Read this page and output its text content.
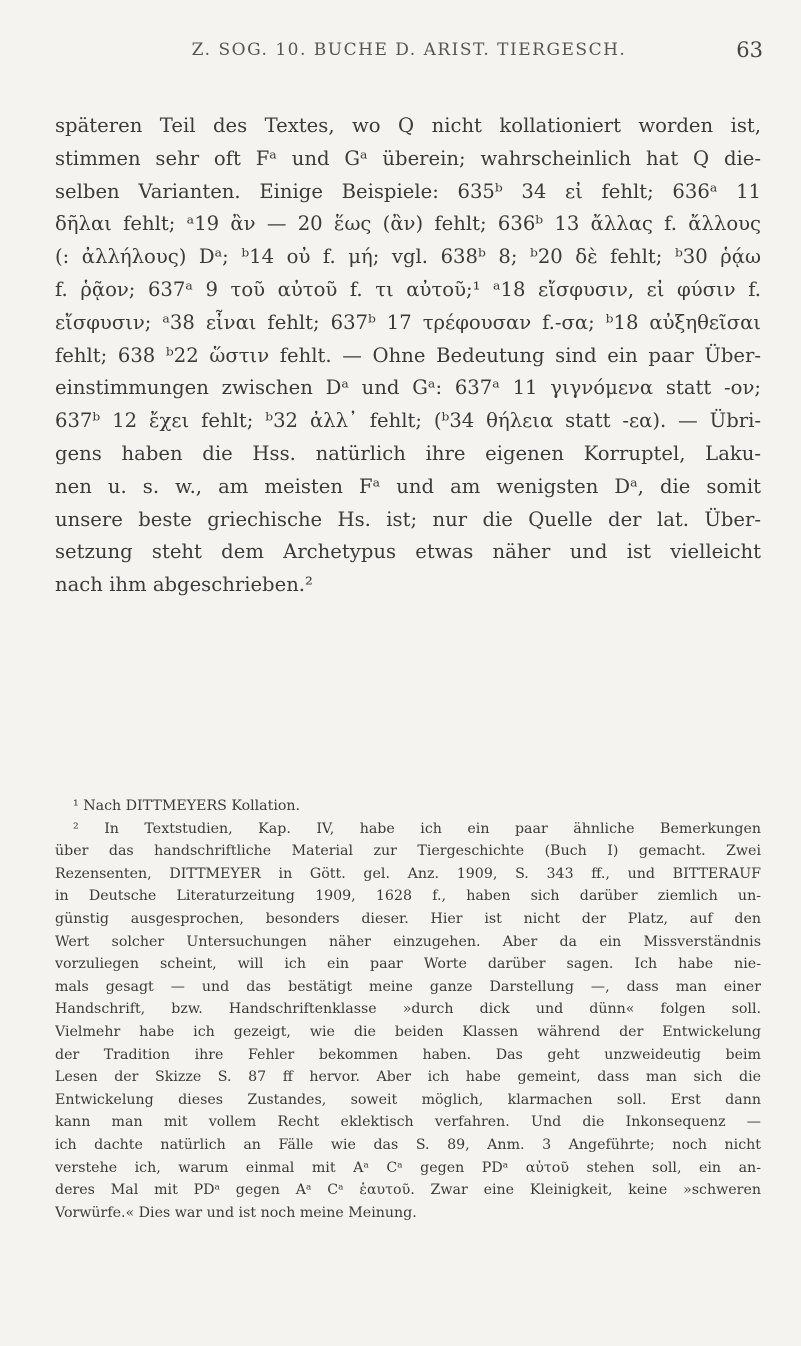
Z. SOG. 10. BUCHE D. ARIST. TIERGESCH.	63
späteren Teil des Textes, wo Q nicht kollationiert worden ist,
stimmen sehr oft Fᵃ und Gᵃ überein; wahrscheinlich hat Q die-
selben Varianten. Einige Beispiele: 635ᵇ 34 εἰ fehlt; 636ᵃ 11
δῆλαι fehlt; ᵃ19 ἂν — 20 ἕως (ἂν) fehlt; 636ᵇ 13 ἄλλας f. ἄλλους
(: ἀλλήλους) Dᵃ; ᵇ14 οὐ f. μή; vgl. 638ᵇ 8; ᵇ20 δὲ fehlt; ᵇ30 ῥᾴω
f. ῥᾷον; 637ᵃ 9 τοῦ αὐτοῦ f. τι αὐτοῦ;¹ ᵃ18 εἴσφυσιν, εἰ φύσιν f.
εἴσφυσιν; ᵃ38 εἶναι fehlt; 637ᵇ 17 τρέφουσαν f.-σα; ᵇ18 αὐξηθεῖσαι
fehlt; 638 ᵇ22 ὥστιν fehlt. — Ohne Bedeutung sind ein paar Über-
einstimmungen zwischen Dᵃ und Gᵃ: 637ᵃ 11 γιγνόμενα statt -ον;
637ᵇ 12 ἔχει fehlt; ᵇ32 ἀλλ᾽ fehlt; (ᵇ34 θήλεια statt -εα). — Übri-
gens haben die Hss. natürlich ihre eigenen Korruptel, Laku-
nen u. s. w., am meisten Fᵃ und am wenigsten Dᵃ, die somit
unsere beste griechische Hs. ist; nur die Quelle der lat. Über-
setzung steht dem Archetypus etwas näher und ist vielleicht
nach ihm abgeschrieben.²
¹ Nach DITTMEYERS Kollation.
² In Textstudien, Kap. IV, habe ich ein paar ähnliche Bemerkungen
über das handschriftliche Material zur Tiergeschichte (Buch I) gemacht. Zwei
Rezensenten, DITTMEYER in Gött. gel. Anz. 1909, S. 343 ff., und BITTERAUF
in Deutsche Literaturzeitung 1909, 1628 f., haben sich darüber ziemlich un-
günstig ausgesprochen, besonders dieser. Hier ist nicht der Platz, auf den
Wert solcher Untersuchungen näher einzugehen. Aber da ein Missverständnis
vorzuliegen scheint, will ich ein paar Worte darüber sagen. Ich habe nie-
mals gesagt — und das bestätigt meine ganze Darstellung —, dass man einer
Handschrift, bzw. Handschriftenklasse »durch dick und dünn« folgen soll.
Vielmehr habe ich gezeigt, wie die beiden Klassen während der Entwickelung
der Tradition ihre Fehler bekommen haben. Das geht unzweideutig beim
Lesen der Skizze S. 87 ff hervor. Aber ich habe gemeint, dass man sich die
Entwickelung dieses Zustandes, soweit möglich, klarmachen soll. Erst dann
kann man mit vollem Recht eklektisch verfahren. Und die Inkonsequenz —
ich dachte natürlich an Fälle wie das S. 89, Anm. 3 Angeführte; noch nicht
verstehe ich, warum einmal mit Aᵃ Cᵃ gegen PDᵃ αὐτοῦ stehen soll, ein an-
deres Mal mit PDᵃ gegen Aᵃ Cᵃ ἑαυτοῦ. Zwar eine Kleinigkeit, keine »schweren
Vorwürfe.« Dies war und ist noch meine Meinung.
